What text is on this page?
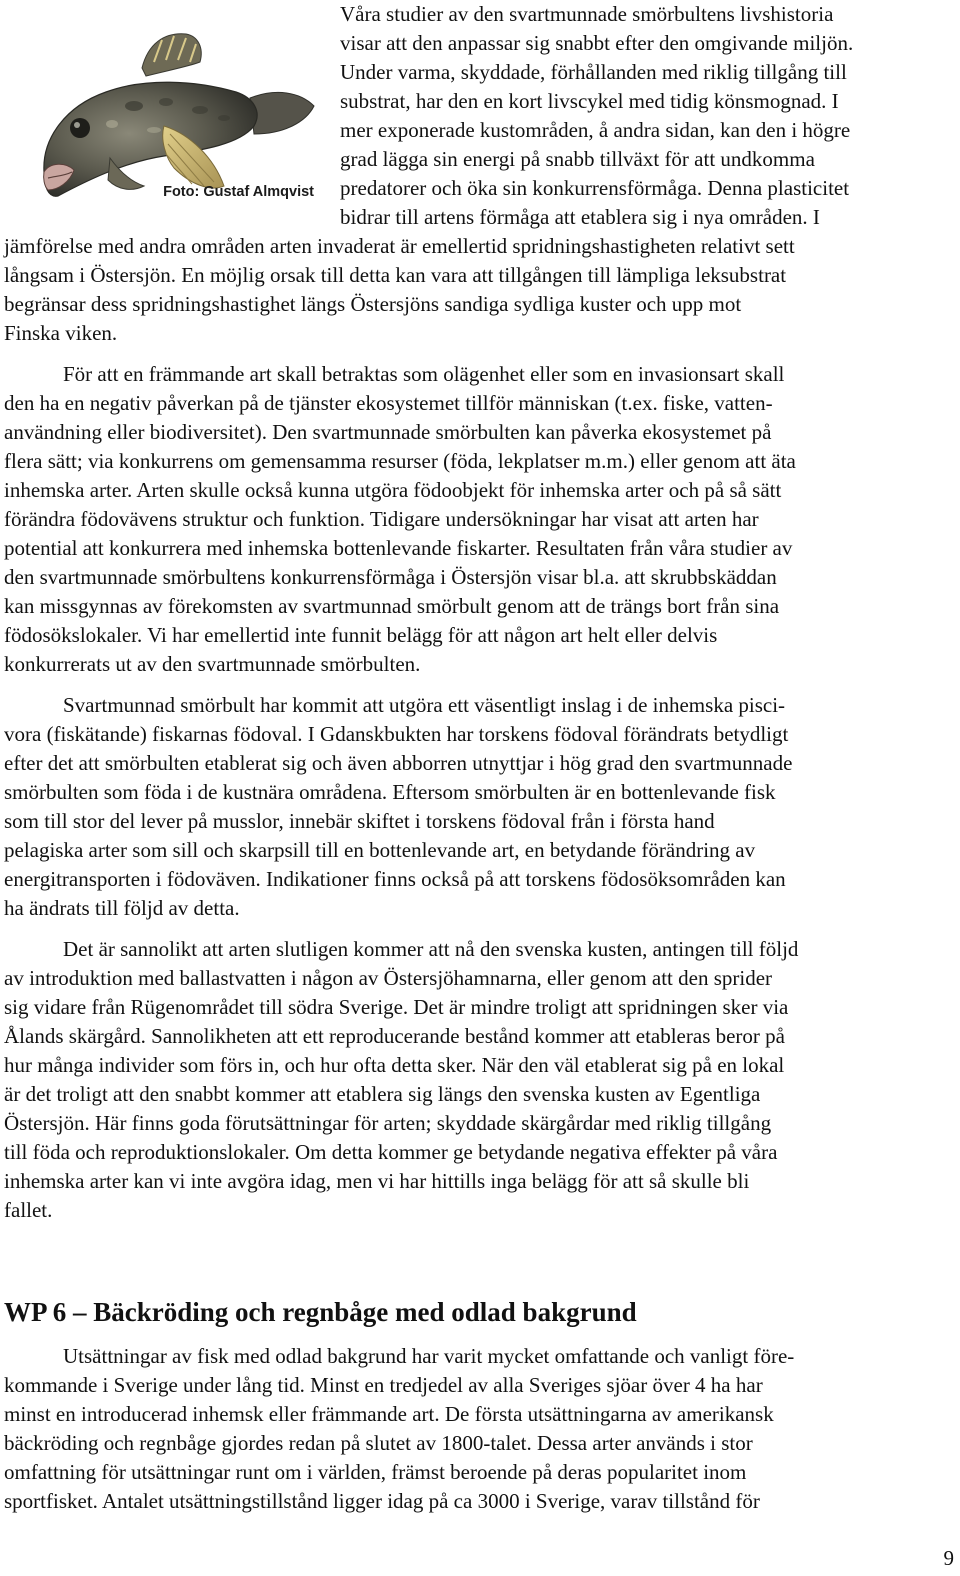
Foto: Gustaf Almqvist
Våra studier av den svartmunnade smörbultens livshistoria
visar att den anpassar sig snabbt efter den omgivande miljön.
Under varma, skyddade, förhållanden med riklig tillgång till
substrat, har den en kort livscykel med tidig könsmognad. I
mer exponerade kustområden, å andra sidan, kan den i högre
grad lägga sin energi på snabb tillväxt för att undkomma
predatorer och öka sin konkurrensförmåga. Denna plasticitet
bidrar till artens förmåga att etablera sig i nya områden. I
jämförelse med andra områden arten invaderat är emellertid spridningshastigheten relativt sett
långsam i Östersjön. En möjlig orsak till detta kan vara att tillgången till lämpliga leksubstrat
begränsar dess spridningshastighet längs Östersjöns sandiga sydliga kuster och upp mot
Finska viken.
För att en främmande art skall betraktas som olägenhet eller som en invasionsart skall
den ha en negativ påverkan på de tjänster ekosystemet tillför människan (t.ex. fiske, vatten-
användning eller biodiversitet). Den svartmunnade smörbulten kan påverka ekosystemet på
flera sätt; via konkurrens om gemensamma resurser (föda, lekplatser m.m.) eller genom att äta
inhemska arter. Arten skulle också kunna utgöra födoobjekt för inhemska arter och på så sätt
förändra födovävens struktur och funktion. Tidigare undersökningar har visat att arten har
potential att konkurrera med inhemska bottenlevande fiskarter. Resultaten från våra studier av
den svartmunnade smörbultens konkurrensförmåga i Östersjön visar bl.a. att skrubbskäddan
kan missgynnas av förekomsten av svartmunnad smörbult genom att de trängs bort från sina
födosökslokaler. Vi har emellertid inte funnit belägg för att någon art helt eller delvis
konkurrerats ut av den svartmunnade smörbulten.
Svartmunnad smörbult har kommit att utgöra ett väsentligt inslag i de inhemska pisci-
vora (fiskätande) fiskarnas födoval. I Gdanskbukten har torskens födoval förändrats betydligt
efter det att smörbulten etablerat sig och även abborren utnyttjar i hög grad den svartmunnade
smörbulten som föda i de kustnära områdena. Eftersom smörbulten är en bottenlevande fisk
som till stor del lever på musslor, innebär skiftet i torskens födoval från i första hand
pelagiska arter som sill och skarpsill till en bottenlevande art, en betydande förändring av
energitransporten i födoväven. Indikationer finns också på att torskens födosöksområden kan
ha ändrats till följd av detta.
Det är sannolikt att arten slutligen kommer att nå den svenska kusten, antingen till följd
av introduktion med ballastvatten i någon av Östersjöhamnarna, eller genom att den sprider
sig vidare från Rügenområdet till södra Sverige. Det är mindre troligt att spridningen sker via
Ålands skärgård. Sannolikheten att ett reproducerande bestånd kommer att etableras beror på
hur många individer som förs in, och hur ofta detta sker. När den väl etablerat sig på en lokal
är det troligt att den snabbt kommer att etablera sig längs den svenska kusten av Egentliga
Östersjön. Här finns goda förutsättningar för arten; skyddade skärgårdar med riklig tillgång
till föda och reproduktionslokaler. Om detta kommer ge betydande negativa effekter på våra
inhemska arter kan vi inte avgöra idag, men vi har hittills inga belägg för att så skulle bli
fallet.
WP 6 – Bäckröding och regnbåge med odlad bakgrund
Utsättningar av fisk med odlad bakgrund har varit mycket omfattande och vanligt före-
kommande i Sverige under lång tid. Minst en tredjedel av alla Sveriges sjöar över 4 ha har
minst en introducerad inhemsk eller främmande art. De första utsättningarna av amerikansk
bäckröding och regnbåge gjordes redan på slutet av 1800-talet. Dessa arter används i stor
omfattning för utsättningar runt om i världen, främst beroende på deras popularitet inom
sportfisket. Antalet utsättningstillstånd ligger idag på ca 3000 i Sverige, varav tillstånd för
9
